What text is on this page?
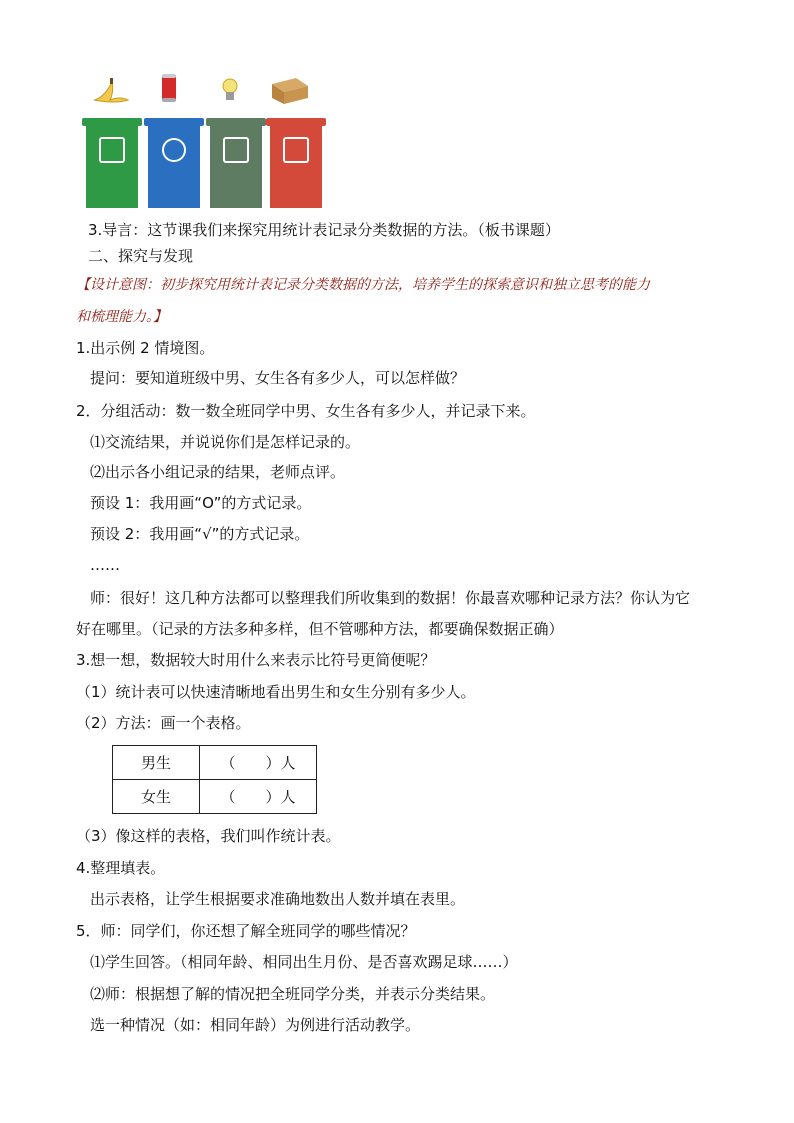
3.导言：这节课我们来探究用统计表记录分类数据的方法。（板书课题）
二、探究与发现
【设计意图：初步探究用统计表记录分类数据的方法，培养学生的探索意识和独立思考的能力
和梳理能力。】
1.出示例 2 情境图。
提问：要知道班级中男、女生各有多少人，可以怎样做？
2．分组活动：数一数全班同学中男、女生各有多少人，并记录下来。
⑴交流结果，并说说你们是怎样记录的。
⑵出示各小组记录的结果，老师点评。
预设 1：我用画“O”的方式记录。
预设 2：我用画“√”的方式记录。
……
师：很好！这几种方法都可以整理我们所收集到的数据！你最喜欢哪种记录方法？你认为它
好在哪里。（记录的方法多种多样，但不管哪种方法，都要确保数据正确）
3.想一想，数据较大时用什么来表示比符号更简便呢？
（1）统计表可以快速清晰地看出男生和女生分别有多少人。
（2）方法：画一个表格。
男生	（　　）人
女生	（　　）人
（3）像这样的表格，我们叫作统计表。
4.整理填表。
出示表格，让学生根据要求准确地数出人数并填在表里。
5．师：同学们，你还想了解全班同学的哪些情况？
⑴学生回答。（相同年龄、相同出生月份、是否喜欢踢足球……）
⑵师：根据想了解的情况把全班同学分类，并表示分类结果。
选一种情况（如：相同年龄）为例进行活动教学。
